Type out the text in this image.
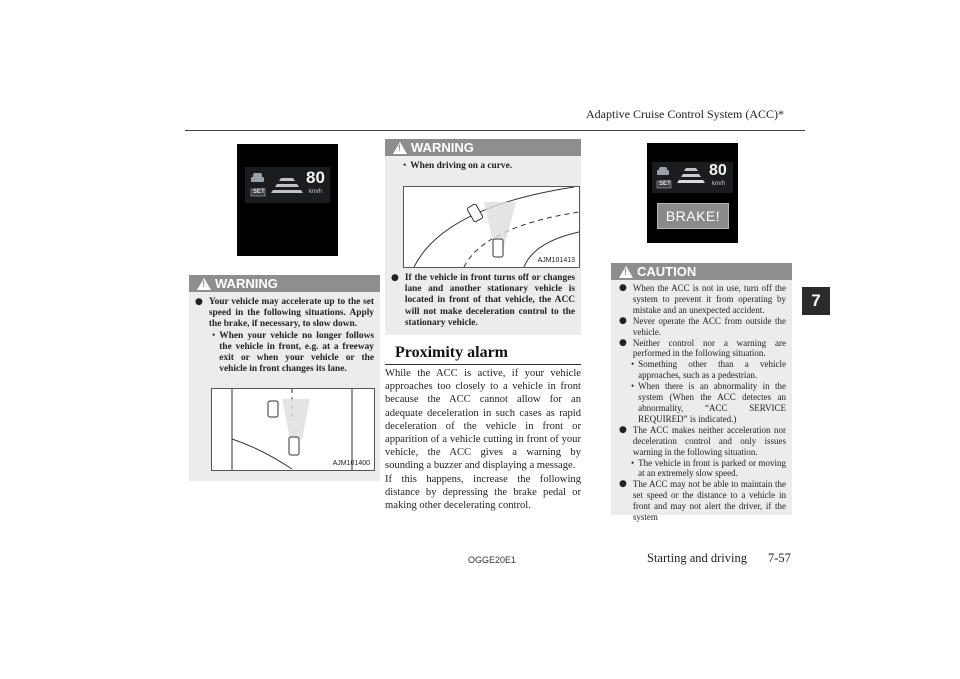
Adaptive Cruise Control System (ACC)*
7
SET
80
km/h
!
WARNING
● Your vehicle may accelerate up to the set speed in the following situations. Apply the brake, if necessary, to slow down.
• When your vehicle no longer follows the vehicle in front, e.g. at a freeway exit or when your vehicle or the vehicle in front changes its lane.
AJM101400
!
WARNING
• When driving on a curve.
AJM101413
● If the vehicle in front turns off or changes lane and another stationary vehicle is located in front of that vehicle, the ACC will not make deceleration control to the stationary vehicle.
Proximity alarm

While the ACC is active, if your vehicle approaches too closely to a vehicle in front because the ACC cannot allow for an adequate deceleration in such cases as rapid deceleration of the vehicle in front or apparition of a vehicle cutting in front of your vehicle, the ACC gives a warning by sounding a buzzer and displaying a message.

If this happens, increase the following distance by depressing the brake pedal or making other decelerating control.

SET
80
km/h
BRAKE!
!
CAUTION
● When the ACC is not in use, turn off the system to prevent it from operating by mistake and an unexpected accident.
● Never operate the ACC from outside the vehicle.
● Neither control nor a warning are performed in the following situation.
• Something other than a vehicle approaches, such as a pedestrian.
• When there is an abnormality in the system (When the ACC detectes an abnormality, “ACC SERVICE REQUIRED” is indicated.)
● The ACC makes neither acceleration nor deceleration control and only issues warning in the following situation.
• The vehicle in front is parked or moving at an extremely slow speed.
● The ACC may not be able to maintain the set speed or the distance to a vehicle in front and may not alert the driver, if the system
OGGE20E1	Starting and driving 7-57
